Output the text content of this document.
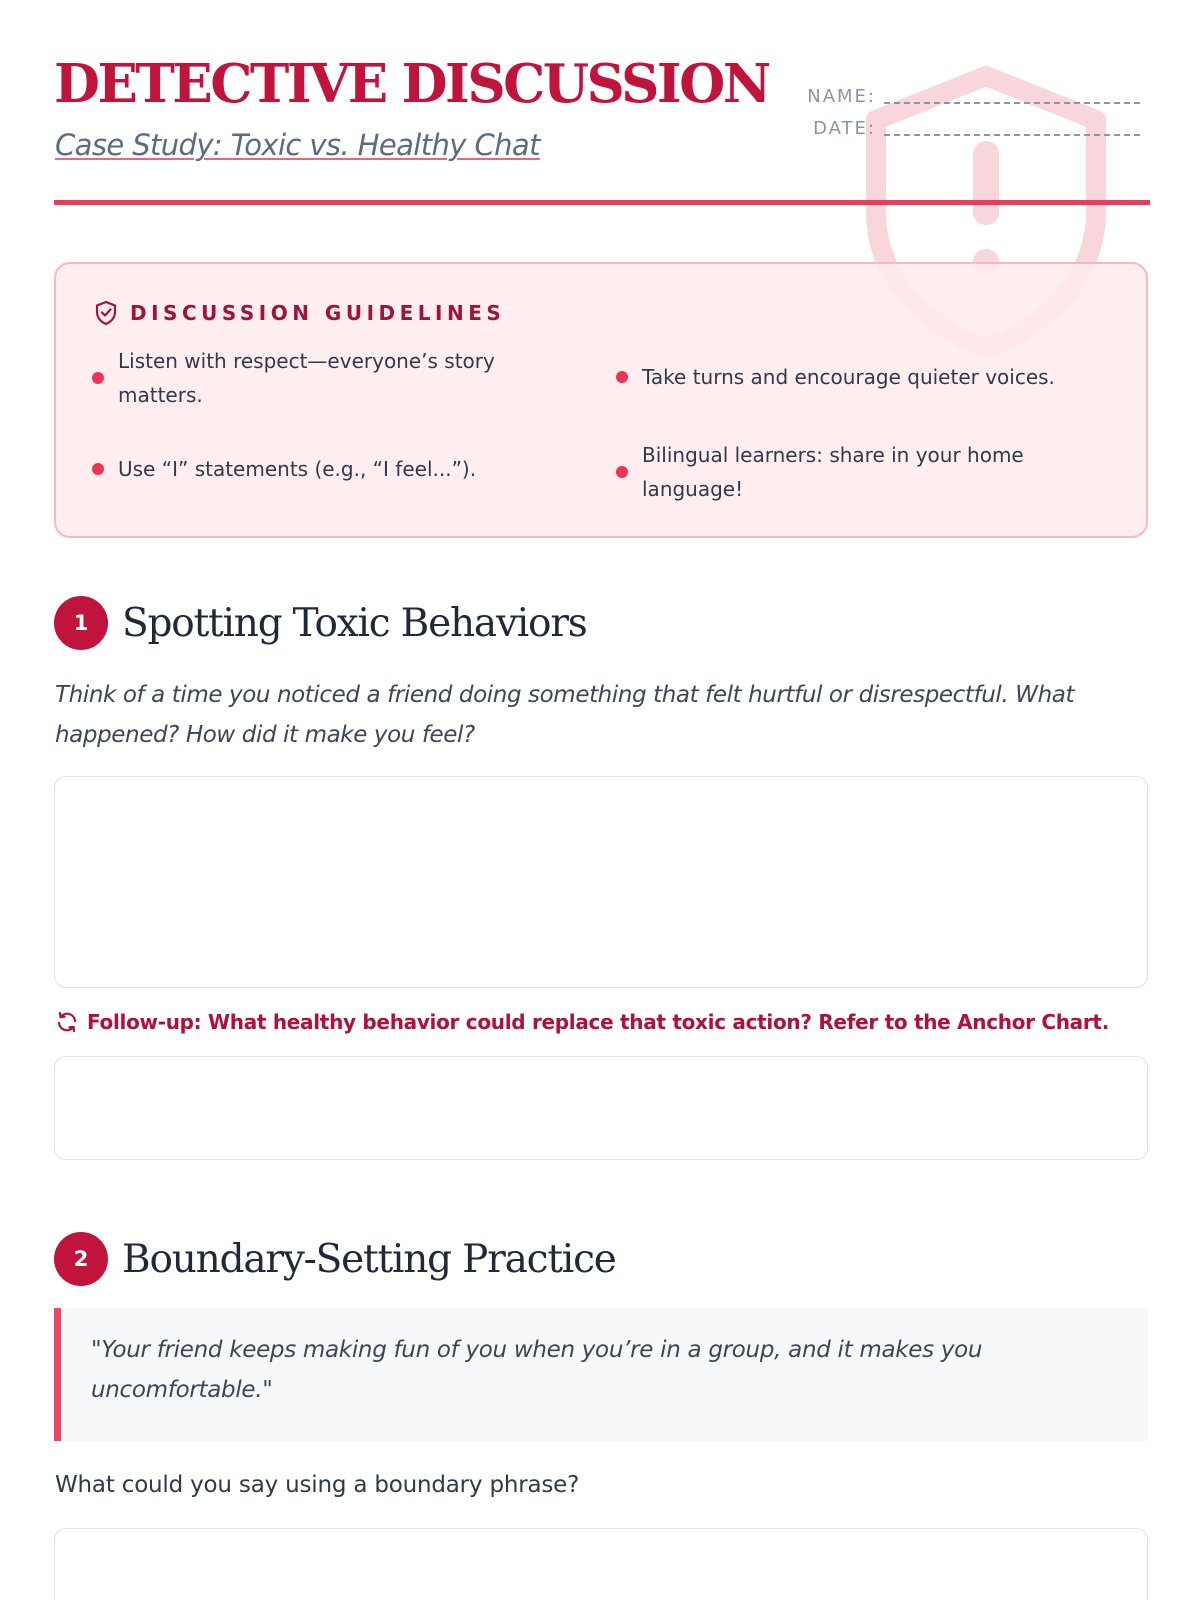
DETECTIVE DISCUSSION
Case Study: Toxic vs. Healthy Chat
NAME:
DATE:
DISCUSSION GUIDELINES
Listen with respect—everyone’s story matters.
Take turns and encourage quieter voices.
Use “I” statements (e.g., “I feel...”).
Bilingual learners: share in your home language!
1 Spotting Toxic Behaviors
Think of a time you noticed a friend doing something that felt hurtful or disrespectful. What happened? How did it make you feel?
Follow-up: What healthy behavior could replace that toxic action? Refer to the Anchor Chart.
2 Boundary-Setting Practice
"Your friend keeps making fun of you when you’re in a group, and it makes you uncomfortable."
What could you say using a boundary phrase?
